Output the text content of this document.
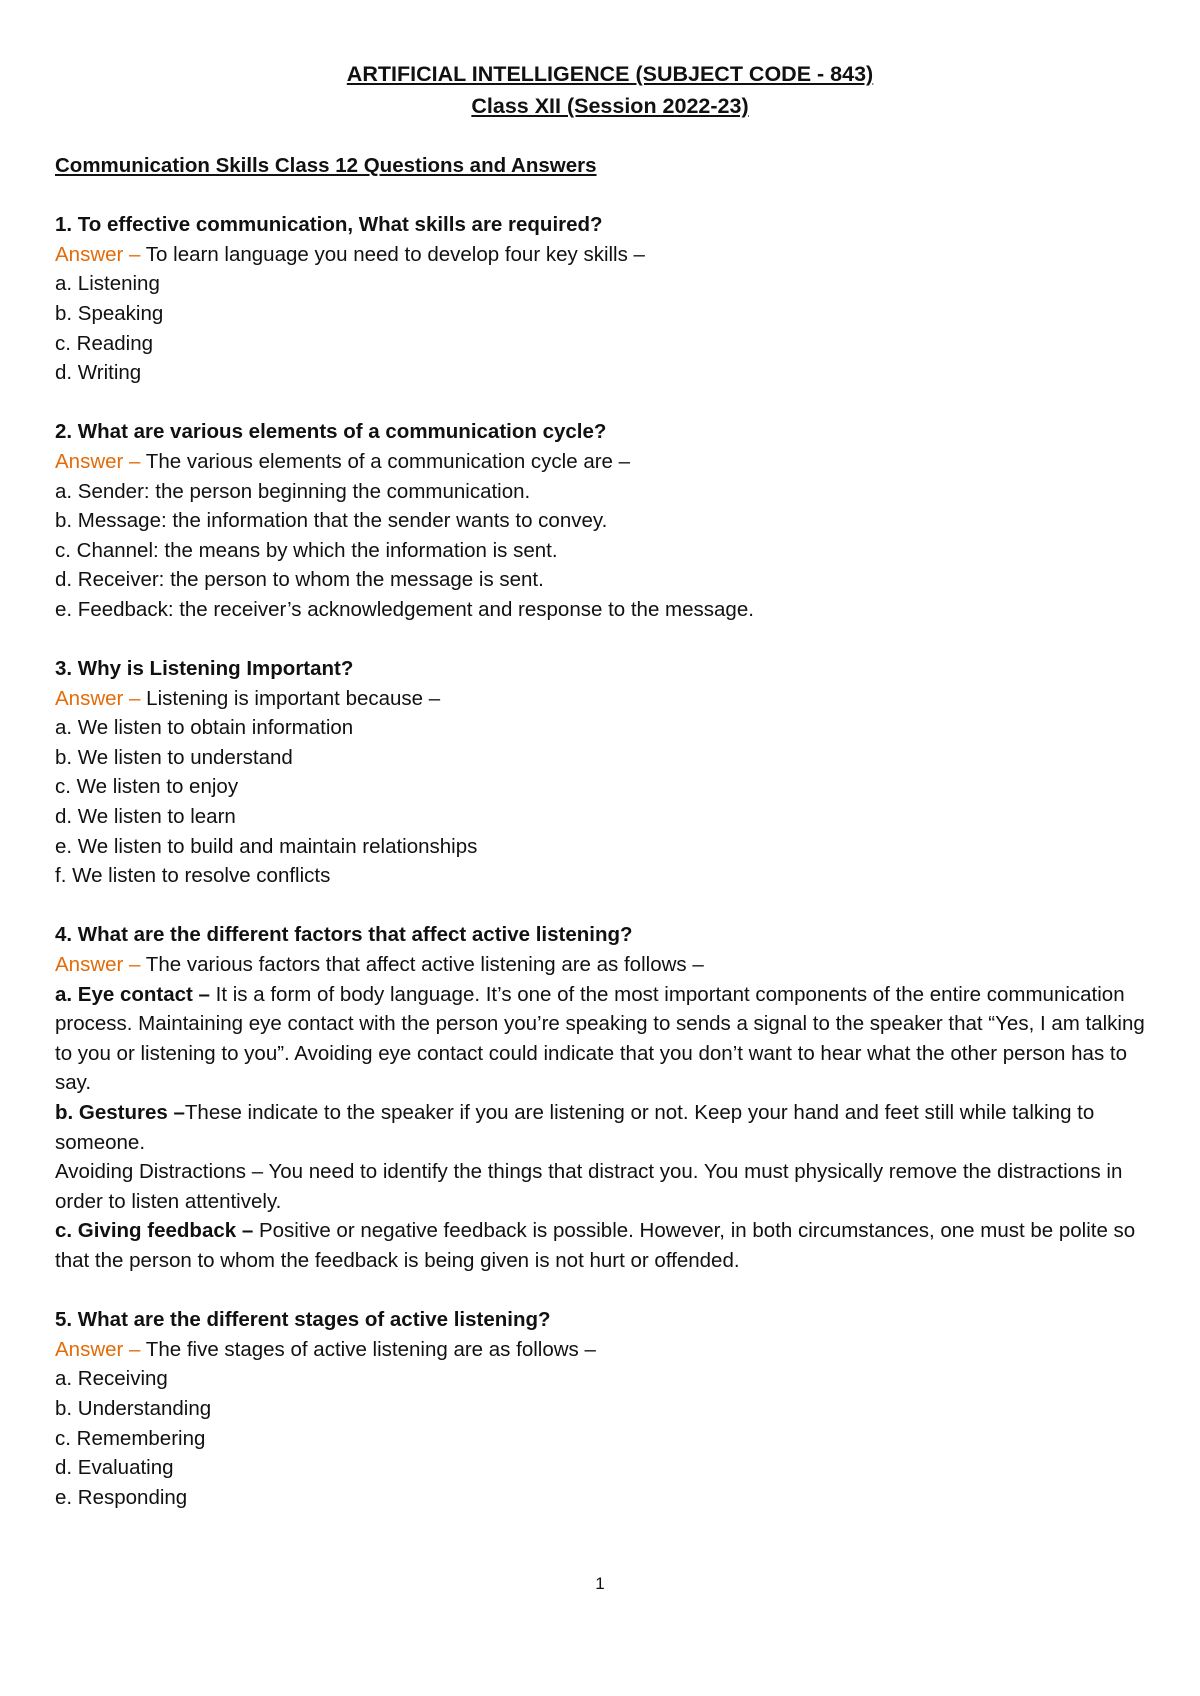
ARTIFICIAL INTELLIGENCE (SUBJECT CODE - 843)

Class XII (Session 2022-23)

Communication Skills Class 12 Questions and Answers
1. To effective communication, What skills are required?
Answer – To learn language you need to develop four key skills –
a. Listening
b. Speaking
c. Reading
d. Writing
2. What are various elements of a communication cycle?
Answer – The various elements of a communication cycle are –
a. Sender: the person beginning the communication.
b. Message: the information that the sender wants to convey.
c. Channel: the means by which the information is sent.
d. Receiver: the person to whom the message is sent.
e. Feedback: the receiver’s acknowledgement and response to the message.
3. Why is Listening Important?
Answer – Listening is important because –
a. We listen to obtain information
b. We listen to understand
c. We listen to enjoy
d. We listen to learn
e. We listen to build and maintain relationships
f. We listen to resolve conflicts
4. What are the different factors that affect active listening?
Answer – The various factors that affect active listening are as follows –
a. Eye contact – It is a form of body language. It’s one of the most important components of the entire communication process. Maintaining eye contact with the person you’re speaking to sends a signal to the speaker that “Yes, I am talking to you or listening to you”. Avoiding eye contact could indicate that you don’t want to hear what the other person has to say.
b. Gestures –These indicate to the speaker if you are listening or not. Keep your hand and feet still while talking to someone.
Avoiding Distractions – You need to identify the things that distract you. You must physically remove the distractions in order to listen attentively.
c. Giving feedback – Positive or negative feedback is possible. However, in both circumstances, one must be polite so that the person to whom the feedback is being given is not hurt or offended.
5. What are the different stages of active listening?
Answer – The five stages of active listening are as follows –
a. Receiving
b. Understanding
c. Remembering
d. Evaluating
e. Responding
1
